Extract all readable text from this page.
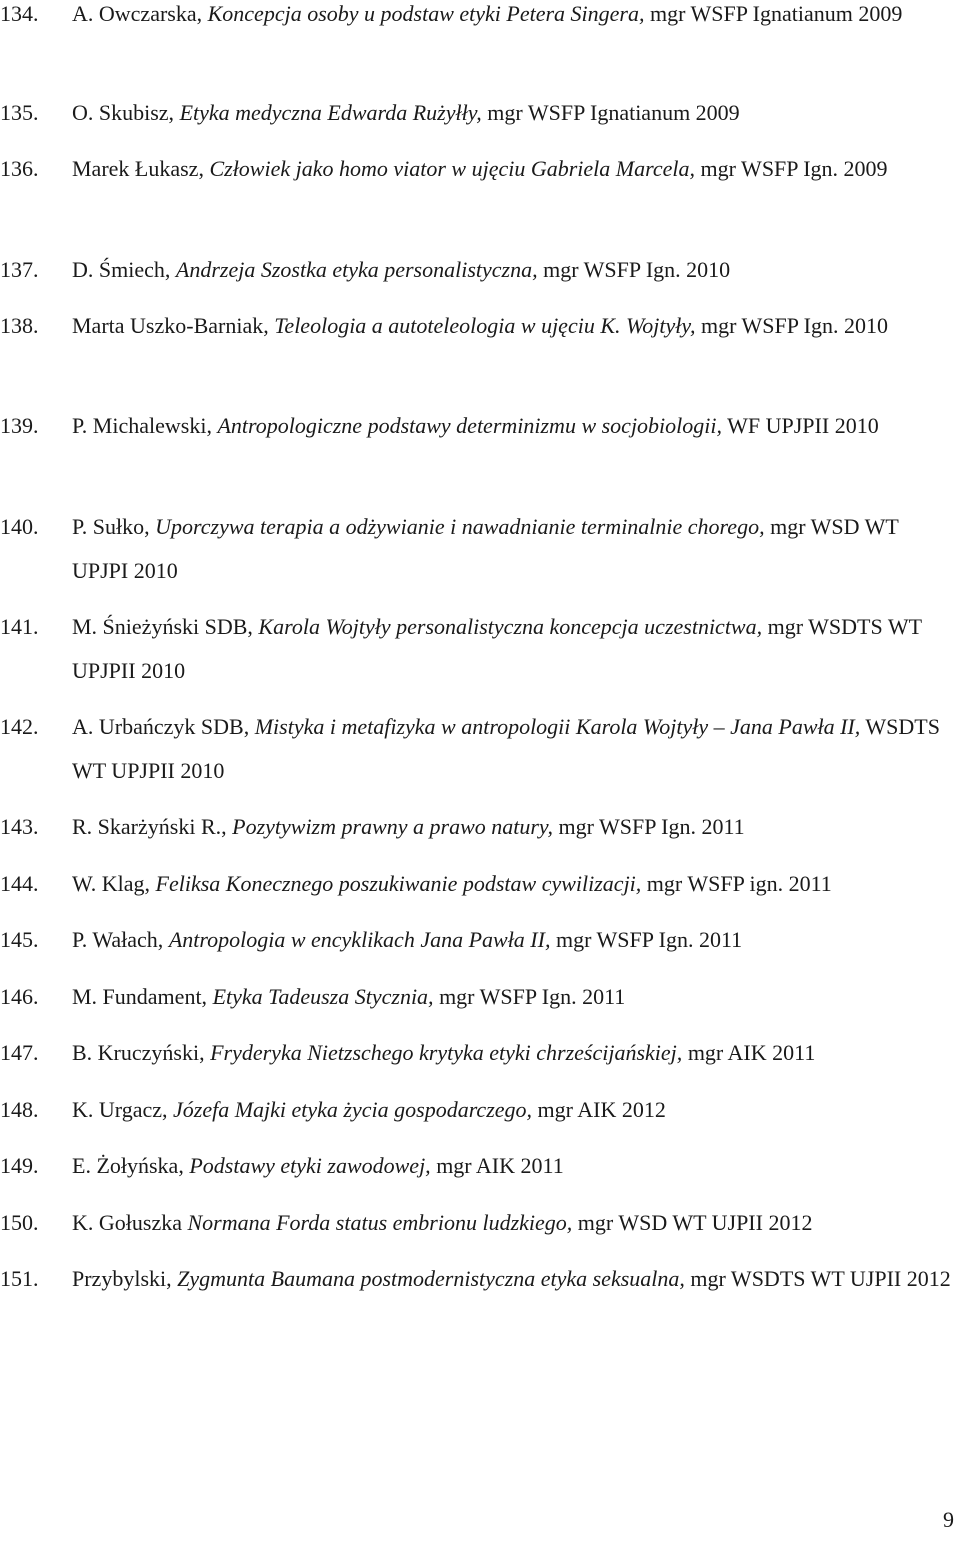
134. A. Owczarska, Koncepcja osoby u podstaw etyki Petera Singera, mgr WSFP Ignatianum 2009
135. O. Skubisz, Etyka medyczna Edwarda Rużyłły, mgr WSFP Ignatianum 2009
136. Marek Łukasz, Człowiek jako homo viator w ujęciu Gabriela Marcela, mgr WSFP Ign. 2009
137. D. Śmiech, Andrzeja Szostka etyka personalistyczna, mgr WSFP Ign. 2010
138. Marta Uszko-Barniak, Teleologia a autoteleologia w ujęciu K. Wojtyły, mgr WSFP Ign. 2010
139. P. Michalewski, Antropologiczne podstawy determinizmu w socjobiologii, WF UPJPII 2010
140. P. Sułko, Uporczywa terapia a odżywianie i nawadnianie terminalnie chorego, mgr WSD WT UPJPI 2010
141. M. Śnieżyński SDB, Karola Wojtyły personalistyczna koncepcja uczestnictwa, mgr WSDTS WT UPJPII 2010
142. A. Urbańczyk SDB, Mistyka i metafizyka w antropologii Karola Wojtyły – Jana Pawła II, WSDTS WT UPJPII 2010
143. R. Skarżyński R., Pozytywizm prawny a prawo natury, mgr WSFP Ign. 2011
144. W. Klag, Feliksa Konecznego poszukiwanie podstaw cywilizacji, mgr WSFP ign. 2011
145. P. Wałach, Antropologia w encyklikach Jana Pawła II, mgr WSFP Ign. 2011
146. M. Fundament, Etyka Tadeusza Stycznia, mgr WSFP Ign. 2011
147. B. Kruczyński, Fryderyka Nietzschego krytyka etyki chrześcijańskiej, mgr AIK 2011
148. K. Urgacz, Józefa Majki etyka życia gospodarczego, mgr AIK 2012
149. E. Żołyńska, Podstawy etyki zawodowej, mgr AIK 2011
150. K. Gołuszka Normana Forda status embrionu ludzkiego, mgr WSD WT UJPII 2012
151. Przybylski, Zygmunta Baumana postmodernistyczna etyka seksualna, mgr WSDTS WT UJPII 2012
9
